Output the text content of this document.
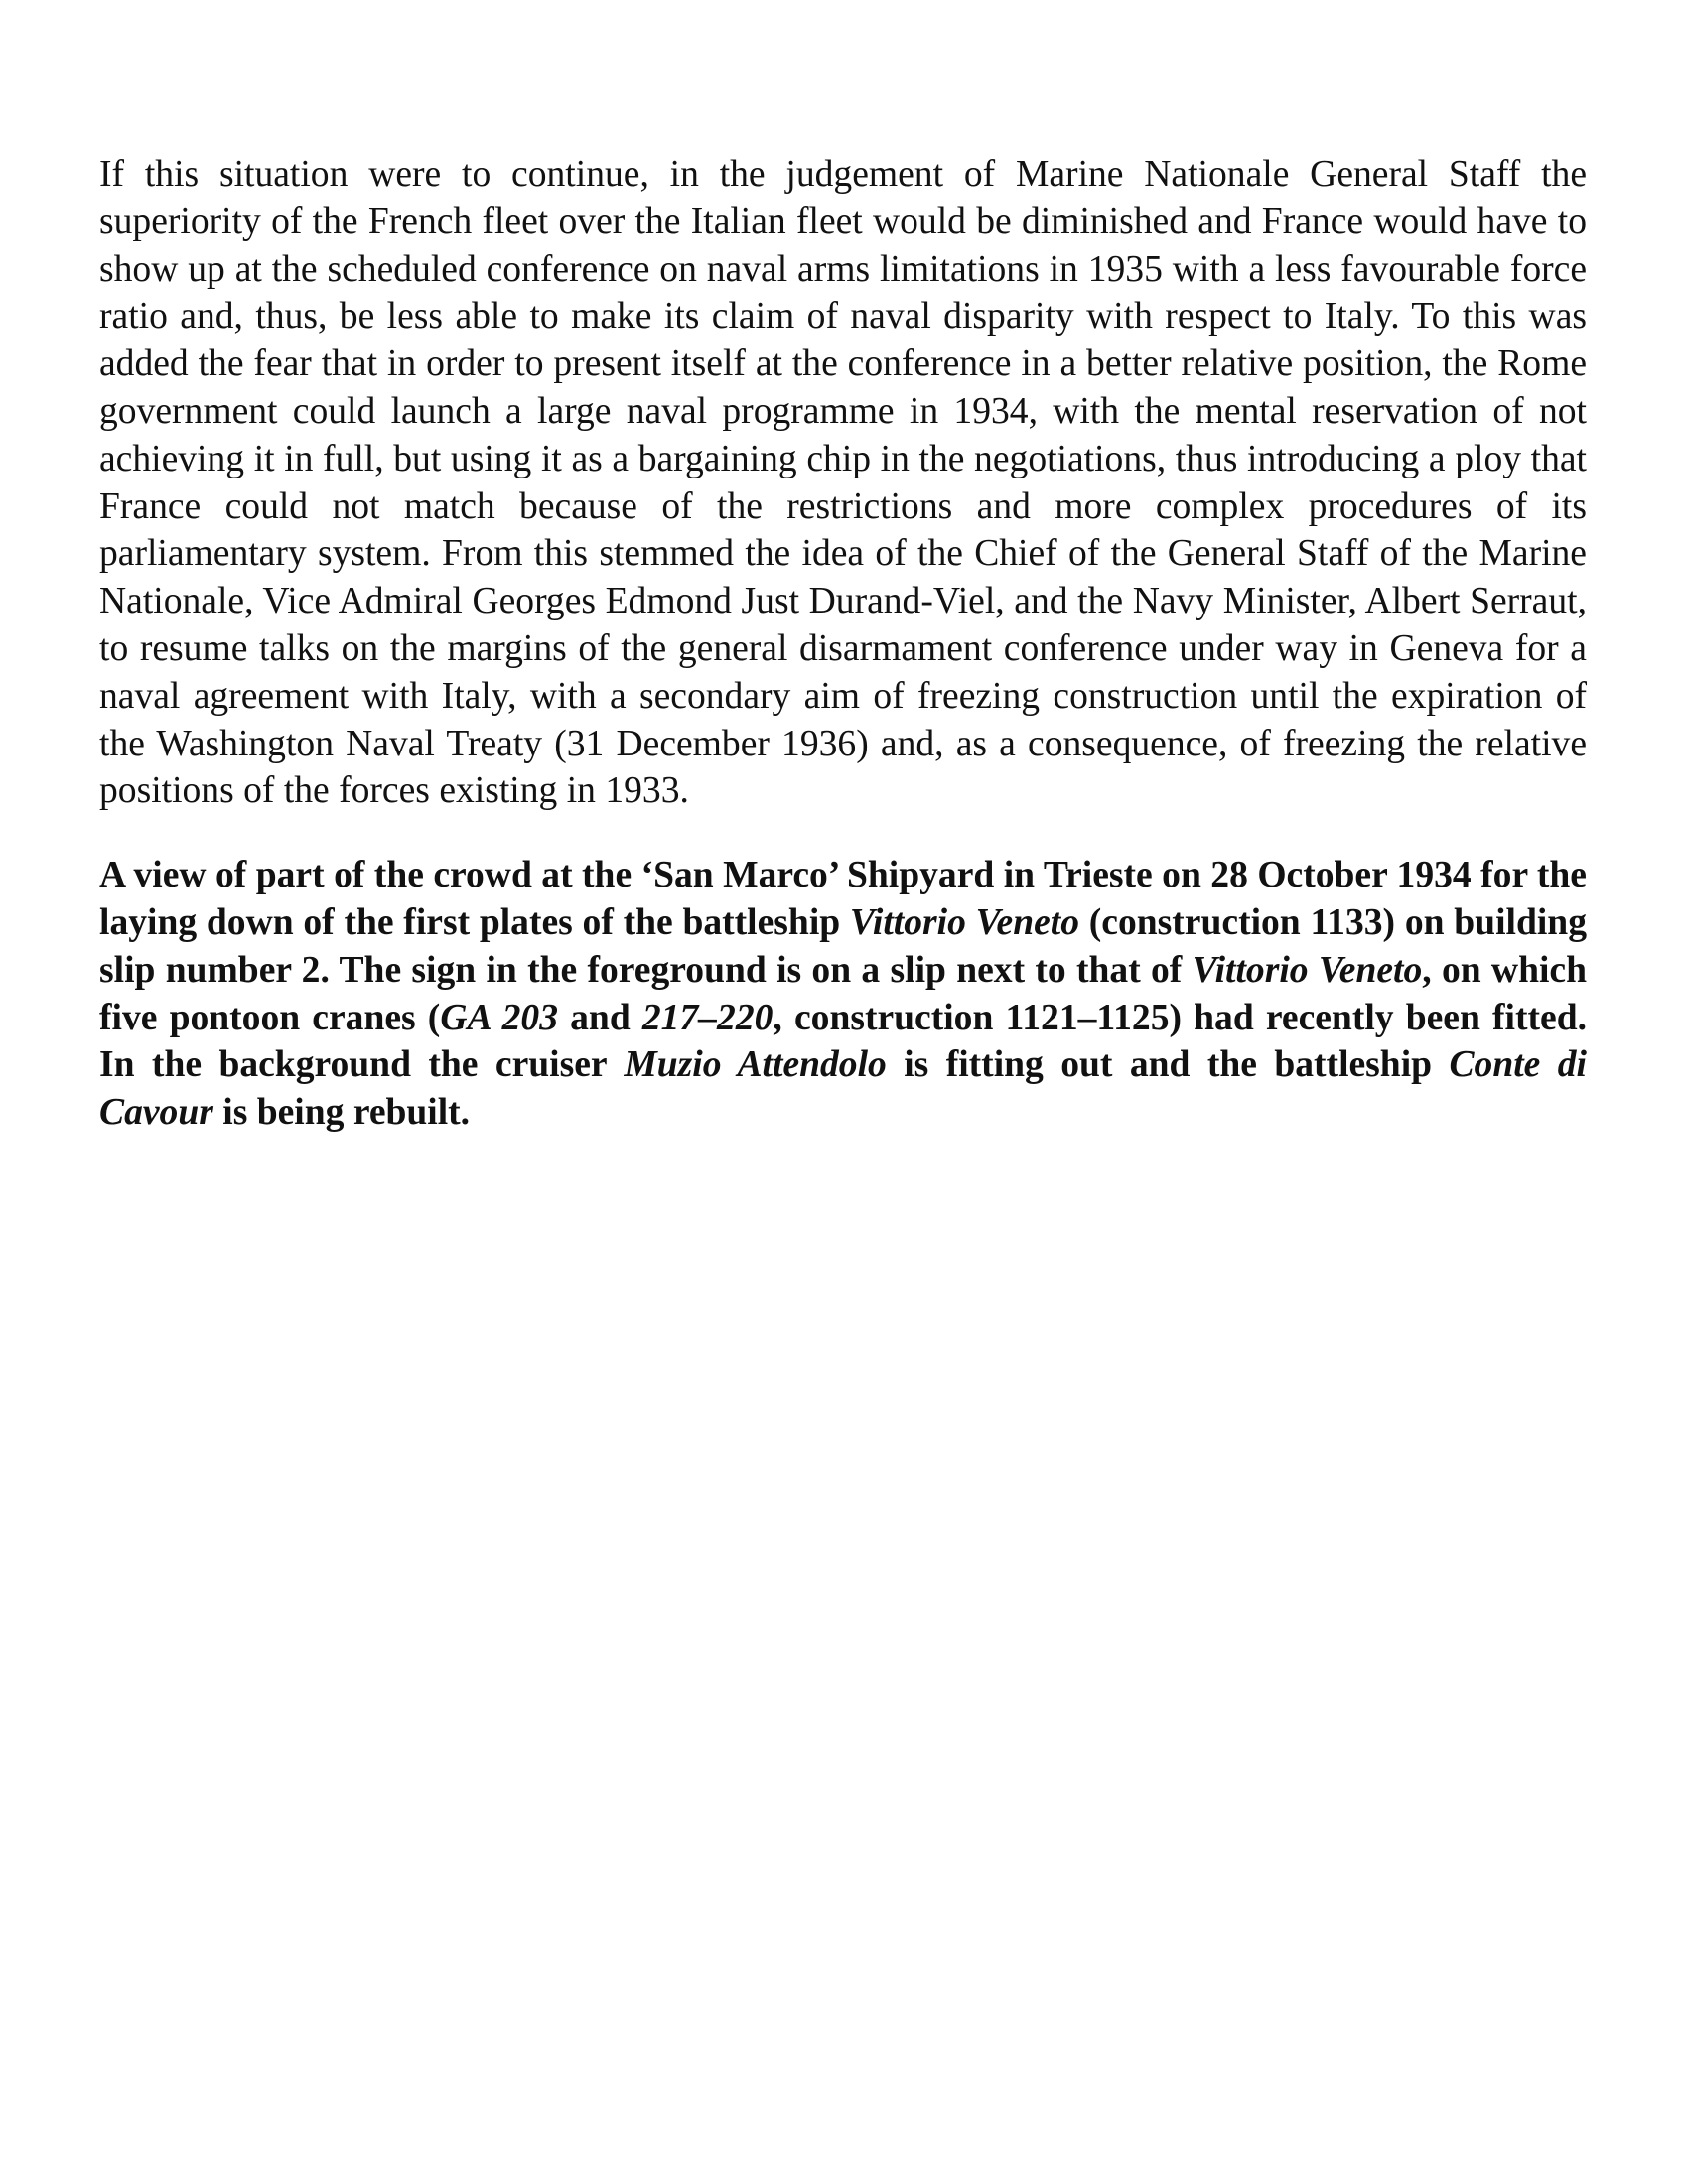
If this situation were to continue, in the judgement of Marine Nationale General Staff the superiority of the French fleet over the Italian fleet would be diminished and France would have to show up at the scheduled conference on naval arms limitations in 1935 with a less favourable force ratio and, thus, be less able to make its claim of naval disparity with respect to Italy. To this was added the fear that in order to present itself at the conference in a better relative position, the Rome government could launch a large naval programme in 1934, with the mental reservation of not achieving it in full, but using it as a bargaining chip in the negotiations, thus introducing a ploy that France could not match because of the restrictions and more complex procedures of its parliamentary system. From this stemmed the idea of the Chief of the General Staff of the Marine Nationale, Vice Admiral Georges Edmond Just Durand-Viel, and the Navy Minister, Albert Serraut, to resume talks on the margins of the general disarmament conference under way in Geneva for a naval agreement with Italy, with a secondary aim of freezing construction until the expiration of the Washington Naval Treaty (31 December 1936) and, as a consequence, of freezing the relative positions of the forces existing in 1933.

A view of part of the crowd at the ‘San Marco’ Shipyard in Trieste on 28 October 1934 for the laying down of the first plates of the battleship Vittorio Veneto (construction 1133) on building slip number 2. The sign in the foreground is on a slip next to that of Vittorio Veneto, on which five pontoon cranes (GA 203 and 217–220, construction 1121–1125) had recently been fitted. In the background the cruiser Muzio Attendolo is fitting out and the battleship Conte di Cavour is being rebuilt.
